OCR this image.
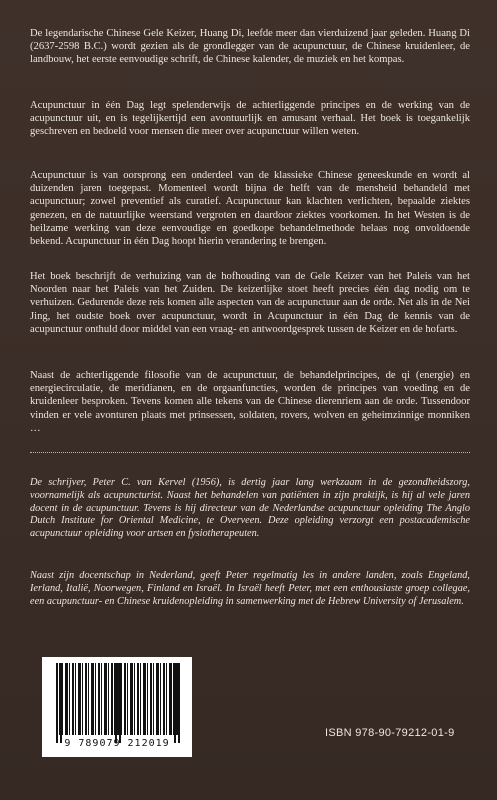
De legendarische Chinese Gele Keizer, Huang Di, leefde meer dan vierduizend jaar geleden. Huang Di (2637-2598 B.C.) wordt gezien als de grondlegger van de acupunctuur, de Chinese kruidenleer, de landbouw, het eerste eenvoudige schrift, de Chinese kalender, de muziek en het kompas.

Acupunctuur in één Dag legt spelenderwijs de achterliggende principes en de werking van de acupunctuur uit, en is tegelijkertijd een avontuurlijk en amusant verhaal. Het boek is toegankelijk geschreven en bedoeld voor mensen die meer over acupunctuur willen weten.

Acupunctuur is van oorsprong een onderdeel van de klassieke Chinese geneeskunde en wordt al duizenden jaren toegepast. Momenteel wordt bijna de helft van de mensheid behandeld met acupunctuur; zowel preventief als curatief. Acupunctuur kan klachten verlichten, bepaalde ziektes genezen, en de natuurlijke weerstand vergroten en daardoor ziektes voorkomen. In het Westen is de heilzame werking van deze eenvoudige en goedkope behandelmethode helaas nog onvoldoende bekend. Acupunctuur in één Dag hoopt hierin verandering te brengen.

Het boek beschrijft de verhuizing van de hofhouding van de Gele Keizer van het Paleis van het Noorden naar het Paleis van het Zuiden. De keizerlijke stoet heeft precies één dag nodig om te verhuizen. Gedurende deze reis komen alle aspecten van de acupunctuur aan de orde. Net als in de Nei Jing, het oudste boek over acupunctuur, wordt in Acupunctuur in één Dag de kennis van de acupunctuur onthuld door middel van een vraag- en antwoordgesprek tussen de Keizer en de hofarts.

Naast de achterliggende filosofie van de acupunctuur, de behandelprincipes, de qi (energie) en energiecirculatie, de meridianen, en de orgaanfuncties, worden de principes van voeding en de kruidenleer besproken. Tevens komen alle tekens van de Chinese dierenriem aan de orde. Tussendoor vinden er vele avonturen plaats met prinsessen, soldaten, rovers, wolven en geheimzinnige monniken …

De schrijver, Peter C. van Kervel (1956), is dertig jaar lang werkzaam in de gezondheidszorg, voornamelijk als acupuncturist. Naast het behandelen van patiënten in zijn praktijk, is hij al vele jaren docent in de acupunctuur. Tevens is hij directeur van de Nederlandse acupunctuur opleiding The Anglo Dutch Institute for Oriental Medicine, te Overveen. Deze opleiding verzorgt een postacademische acupunctuur opleiding voor artsen en fysiotherapeuten.

Naast zijn docentschap in Nederland, geeft Peter regelmatig les in andere landen, zoals Engeland, Ierland, Italië, Noorwegen, Finland en Israël. In Israël heeft Peter, met een enthousiaste groep collegae, een acupunctuur- en Chinese kruidenopleiding in samenwerking met de Hebrew University of Jerusalem.

9 789079 212019
ISBN 978-90-79212-01-9
